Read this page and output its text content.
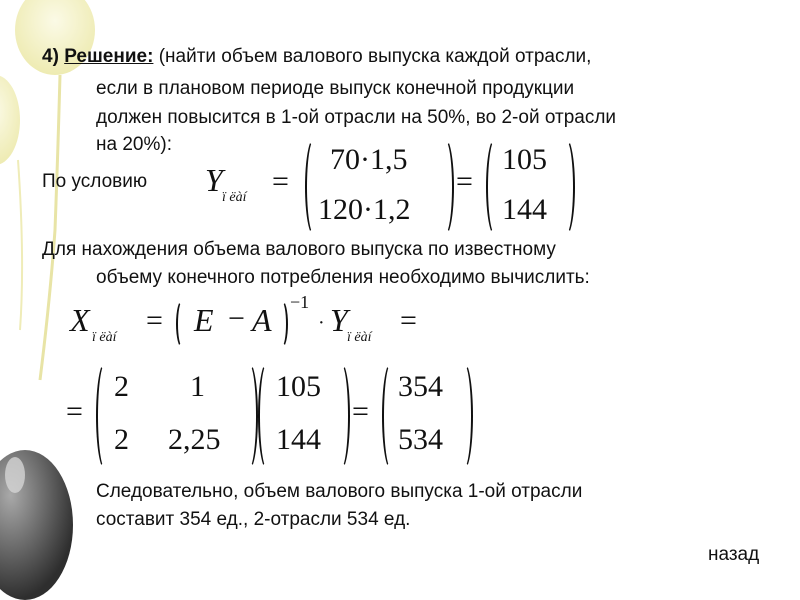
4) Решение: (найти объем валового выпуска каждой отрасли,
если в плановом периоде выпуск конечной продукции
должен повысится в 1-ой отрасли на 50%, во 2-ой отрасли
на 20%):
По условию Y ï ëàí =
70·1,5
120·1,2
=
105
144
Для нахождения объема валового выпуска по известному
объему конечного потребления необходимо вычислить:
X ï ëàí
= E − A −1
· Y ï ëàí
=
=
2 1
2 2,25
105
144
=
354
534
Следовательно, объем валового выпуска 1-ой отрасли
составит 354 ед., 2-отрасли 534 ед.
назад
